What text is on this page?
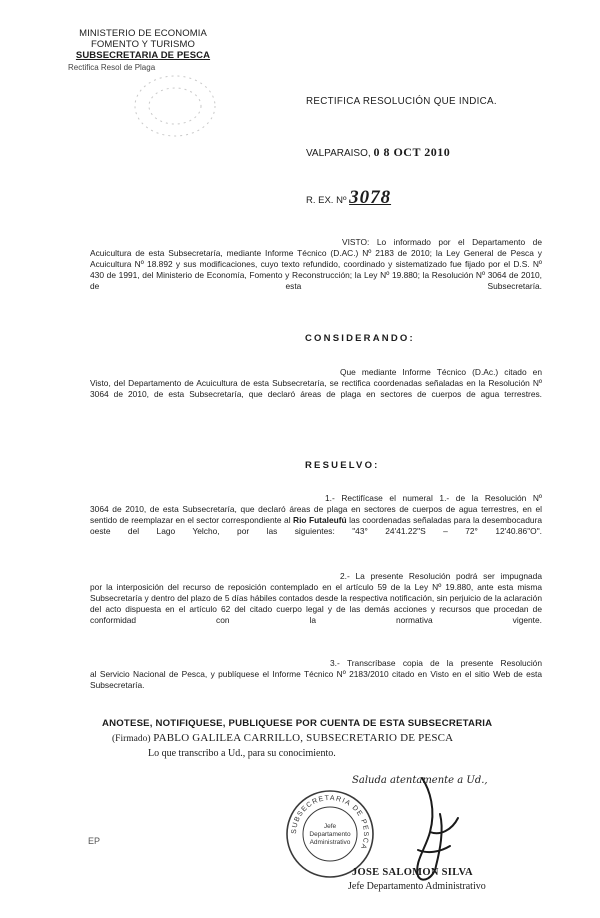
MINISTERIO DE ECONOMIA
FOMENTO Y TURISMO
SUBSECRETARIA DE PESCA
Rectifica Resol de Plaga
RECTIFICA RESOLUCIÓN QUE INDICA.
VALPARAISO, 0 8 OCT 2010
R. EX. Nº 3078
VISTO: Lo informado por el Departamento de
Acuicultura de esta Subsecretaría, mediante Informe Técnico (D.AC.) Nº 2183 de 2010; la Ley General de Pesca y Acuicultura Nº 18.892 y sus modificaciones, cuyo texto refundido, coordinado y sistematizado fue fijado por el D.S. Nº 430 de 1991, del Ministerio de Economía, Fomento y Reconstrucción; la Ley Nº 19.880; la Resolución Nº 3064 de 2010, de esta Subsecretaría.
CONSIDERANDO:
Que mediante Informe Técnico (D.Ac.) citado en
Visto, del Departamento de Acuicultura de esta Subsecretaría, se rectifica coordenadas señaladas en la Resolución Nº 3064 de 2010, de esta Subsecretaría, que declaró áreas de plaga en sectores de cuerpos de agua terrestres.
RESUELVO:
1.- Rectifícase el numeral 1.- de la Resolución Nº
3064 de 2010, de esta Subsecretaría, que declaró áreas de plaga en sectores de cuerpos de agua terrestres, en el sentido de reemplazar en el sector correspondiente al Rio Futaleufú las coordenadas señaladas para la desembocadura oeste del Lago Yelcho, por las siguientes: "43° 24'41.22"S – 72° 12'40.86"O".
2.- La presente Resolución podrá ser impugnada
por la interposición del recurso de reposición contemplado en el artículo 59 de la Ley Nº 19.880, ante esta misma Subsecretaría y dentro del plazo de 5 días hábiles contados desde la respectiva notificación, sin perjuicio de la aclaración del acto dispuesta en el artículo 62 del citado cuerpo legal y de las demás acciones y recursos que procedan de conformidad con la normativa vigente.
3.- Transcríbase copia de la presente Resolución
al Servicio Nacional de Pesca, y publíquese el Informe Técnico Nº 2183/2010 citado en Visto en el sitio Web de esta Subsecretaría.
ANOTESE, NOTIFIQUESE, PUBLIQUESE POR CUENTA DE ESTA SUBSECRETARIA
(Firmado) PABLO GALILEA CARRILLO, SUBSECRETARIO DE PESCA
Lo que transcribo a Ud., para su conocimiento.
Saluda atentamente a Ud.,
SUBSECRETARIA DE PESCA
Jefe
Departamento
Administrativo
JOSE SALOMON SILVA
Jefe Departamento Administrativo
EP
